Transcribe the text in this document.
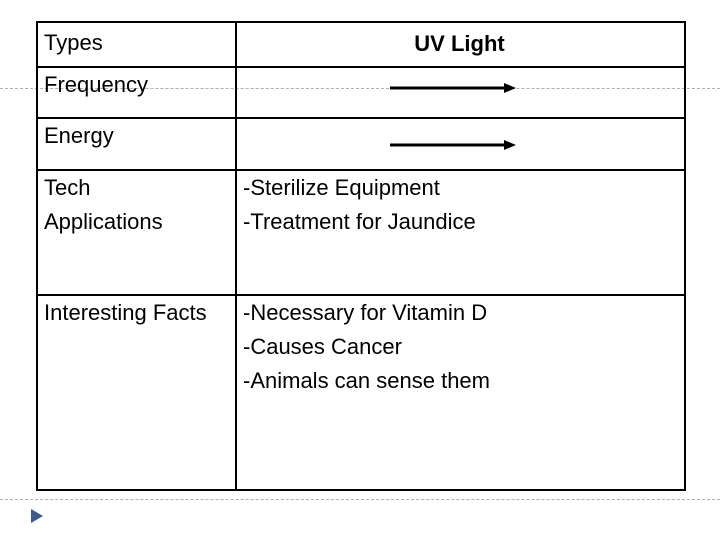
Types	UV Light
Frequency
Energy
Tech
Applications
-Sterilize Equipment
-Treatment for Jaundice
Interesting Facts -Necessary for Vitamin D
-Causes Cancer
-Animals can sense them
